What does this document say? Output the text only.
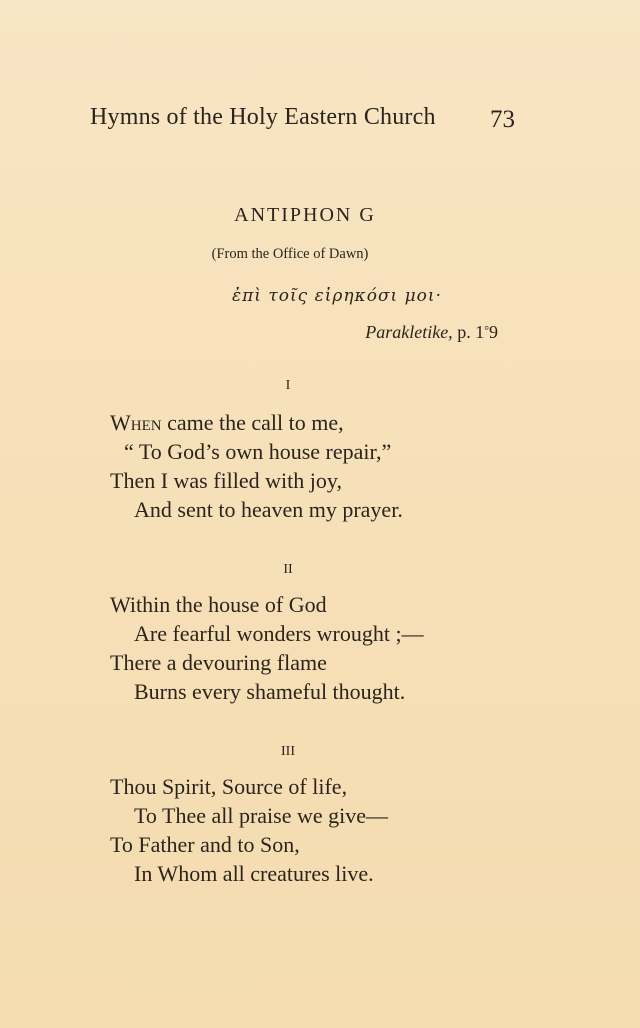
Hymns of the Holy Eastern Church 73
ANTIPHON G
(From the Office of Dawn)
ἐπὶ τοῖς εἰρηκόσι μοι·
Parakletike, p. 1°9
I
When came the call to me,
“ To God’s own house repair,”
Then I was filled with joy,
And sent to heaven my prayer.
II
Within the house of God
Are fearful wonders wrought ;—
There a devouring flame
Burns every shameful thought.
III
Thou Spirit, Source of life,
To Thee all praise we give—
To Father and to Son,
In Whom all creatures live.
